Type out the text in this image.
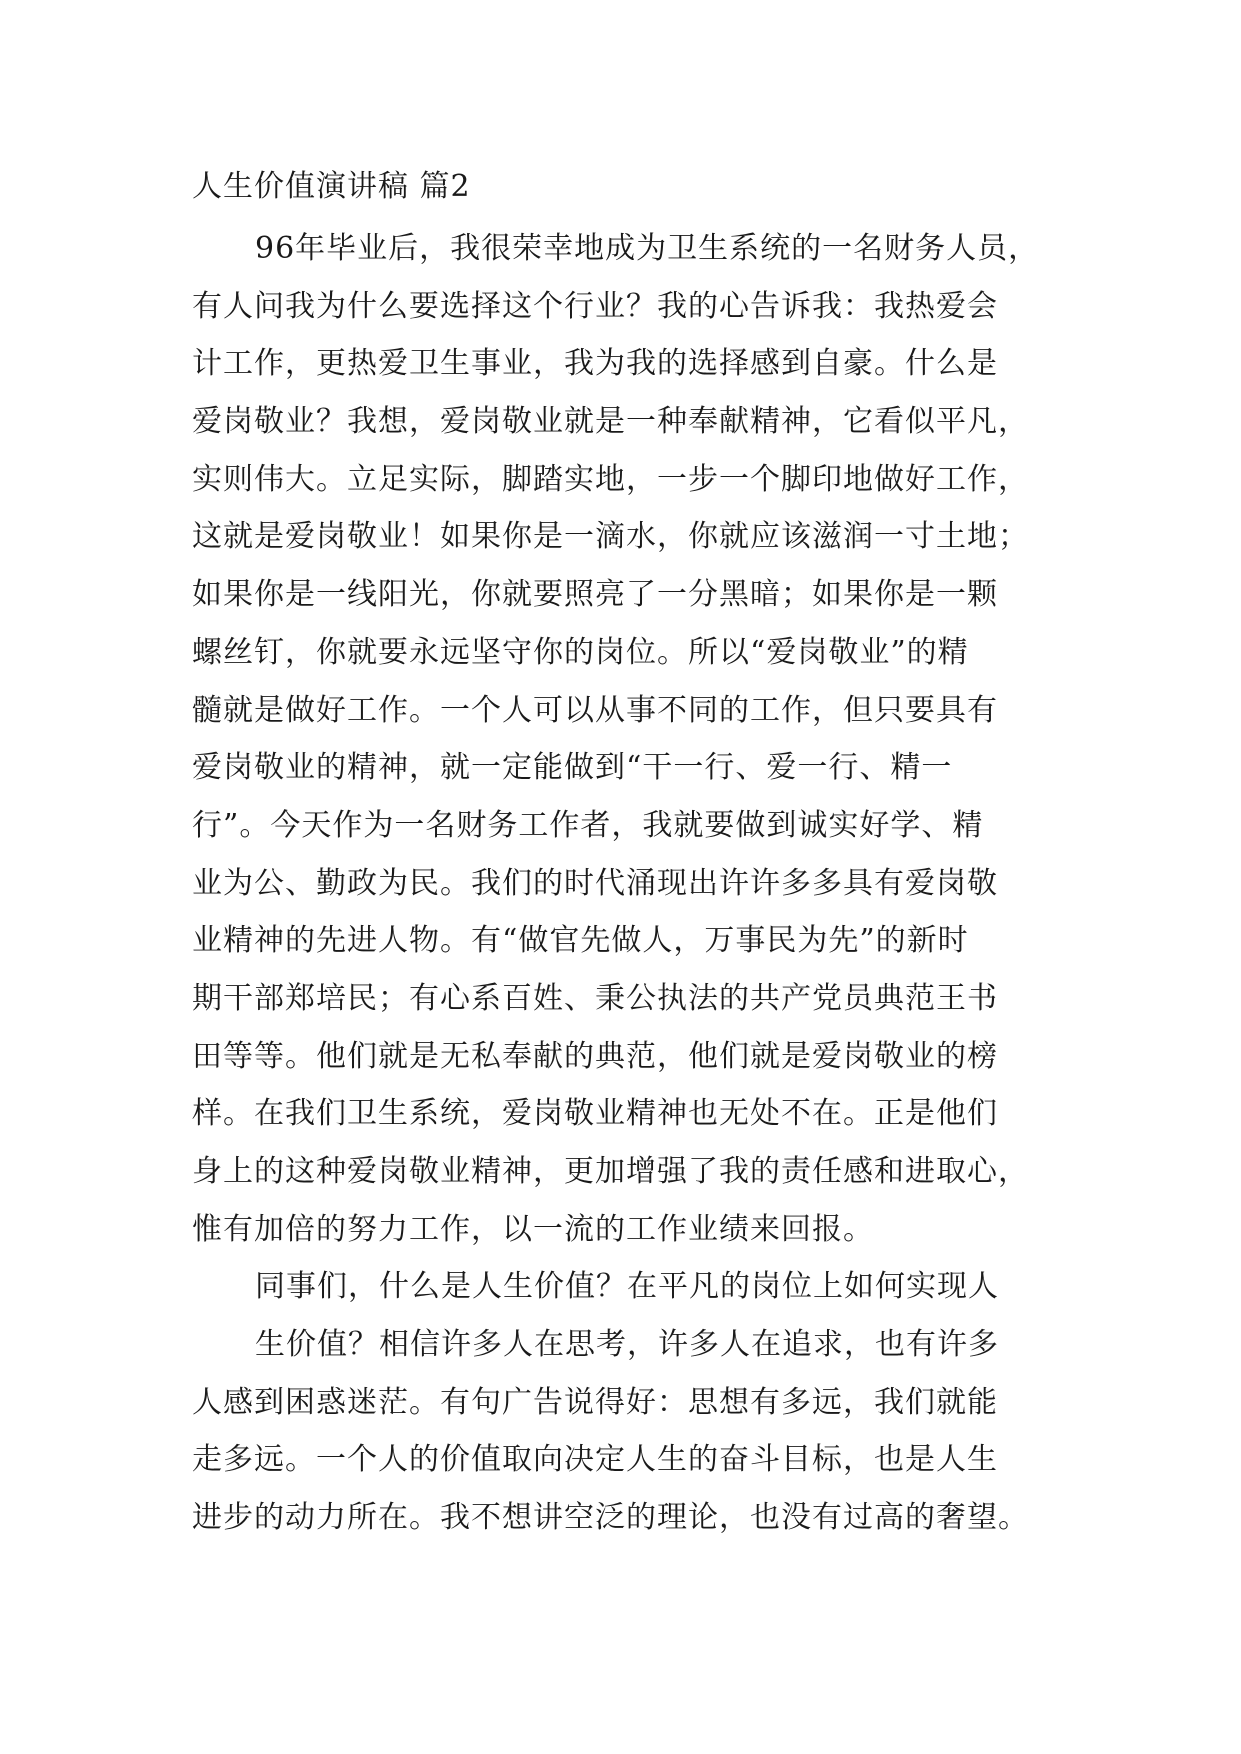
人生价值演讲稿 篇2
96年毕业后，我很荣幸地成为卫生系统的一名财务人员，
有人问我为什么要选择这个行业？我的心告诉我：我热爱会
计工作，更热爱卫生事业，我为我的选择感到自豪。什么是
爱岗敬业？我想，爱岗敬业就是一种奉献精神，它看似平凡，
实则伟大。立足实际，脚踏实地，一步一个脚印地做好工作，
这就是爱岗敬业！如果你是一滴水，你就应该滋润一寸土地；
如果你是一线阳光，你就要照亮了一分黑暗；如果你是一颗
螺丝钉，你就要永远坚守你的岗位。所以“爱岗敬业”的精
髓就是做好工作。一个人可以从事不同的工作，但只要具有
爱岗敬业的精神，就一定能做到“干一行、爱一行、精一
行”。今天作为一名财务工作者，我就要做到诚实好学、精
业为公、勤政为民。我们的时代涌现出许许多多具有爱岗敬
业精神的先进人物。有“做官先做人，万事民为先”的新时
期干部郑培民；有心系百姓、秉公执法的共产党员典范王书
田等等。他们就是无私奉献的典范，他们就是爱岗敬业的榜
样。在我们卫生系统，爱岗敬业精神也无处不在。正是他们
身上的这种爱岗敬业精神，更加增强了我的责任感和进取心，
惟有加倍的努力工作，以一流的工作业绩来回报。
同事们，什么是人生价值？在平凡的岗位上如何实现人
生价值？相信许多人在思考，许多人在追求，也有许多
人感到困惑迷茫。有句广告说得好：思想有多远，我们就能
走多远。一个人的价值取向决定人生的奋斗目标，也是人生
进步的动力所在。我不想讲空泛的理论，也没有过高的奢望。
